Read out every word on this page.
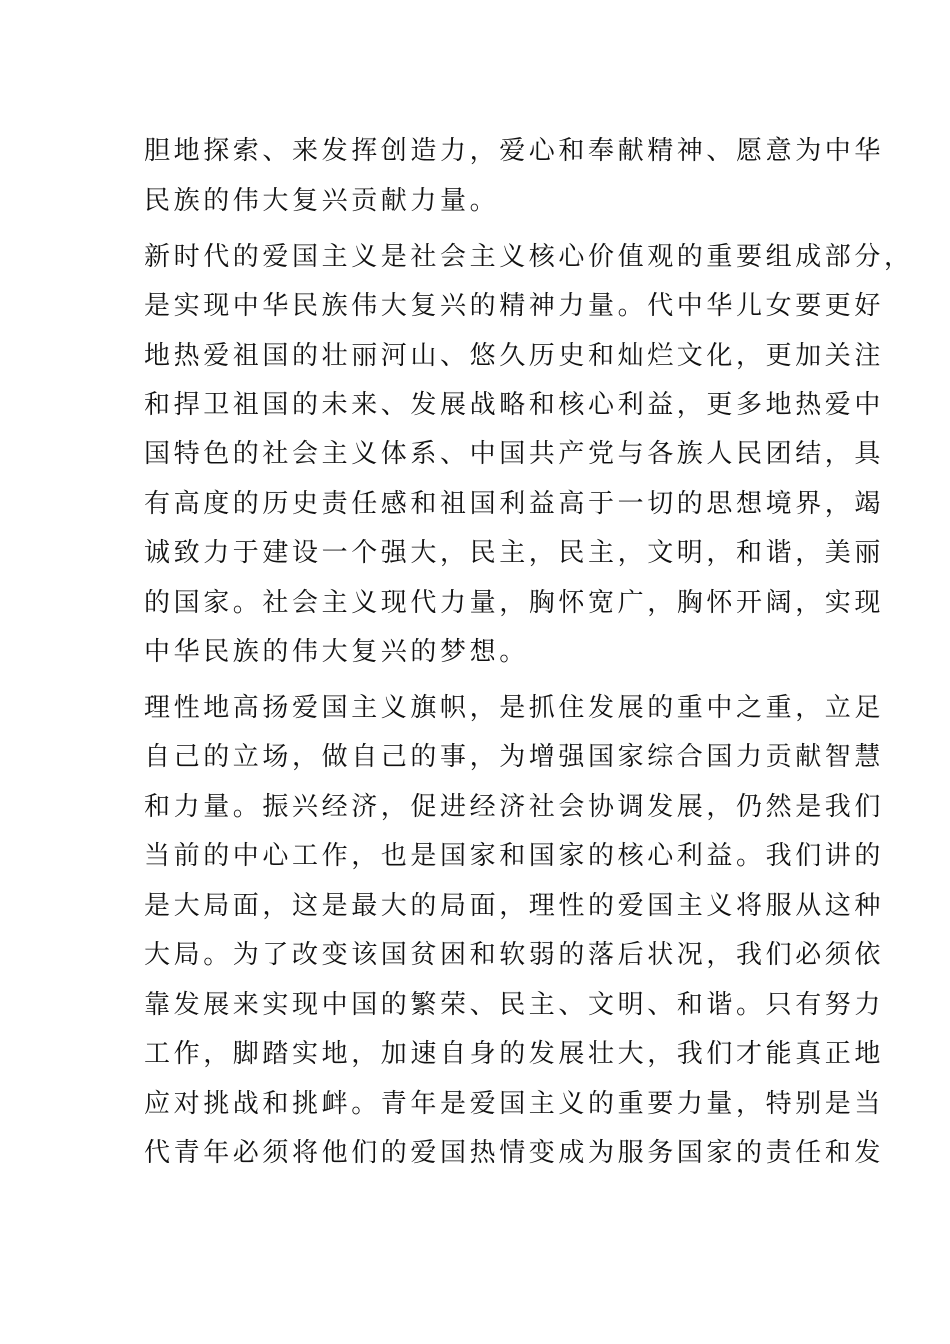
胆地探索、来发挥创造力，爱心和奉献精神、愿意为中华
民族的伟大复兴贡献力量。
新时代的爱国主义是社会主义核心价值观的重要组成部分，
是实现中华民族伟大复兴的精神力量。代中华儿女要更好
地热爱祖国的壮丽河山、悠久历史和灿烂文化，更加关注
和捍卫祖国的未来、发展战略和核心利益，更多地热爱中
国特色的社会主义体系、中国共产党与各族人民团结，具
有高度的历史责任感和祖国利益高于一切的思想境界，竭
诚致力于建设一个强大，民主，民主，文明，和谐，美丽
的国家。社会主义现代力量，胸怀宽广，胸怀开阔，实现
中华民族的伟大复兴的梦想。
理性地高扬爱国主义旗帜，是抓住发展的重中之重，立足
自己的立场，做自己的事，为增强国家综合国力贡献智慧
和力量。振兴经济，促进经济社会协调发展，仍然是我们
当前的中心工作，也是国家和国家的核心利益。我们讲的
是大局面，这是最大的局面，理性的爱国主义将服从这种
大局。为了改变该国贫困和软弱的落后状况，我们必须依
靠发展来实现中国的繁荣、民主、文明、和谐。只有努力
工作，脚踏实地，加速自身的发展壮大，我们才能真正地
应对挑战和挑衅。青年是爱国主义的重要力量，特别是当
代青年必须将他们的爱国热情变成为服务国家的责任和发
